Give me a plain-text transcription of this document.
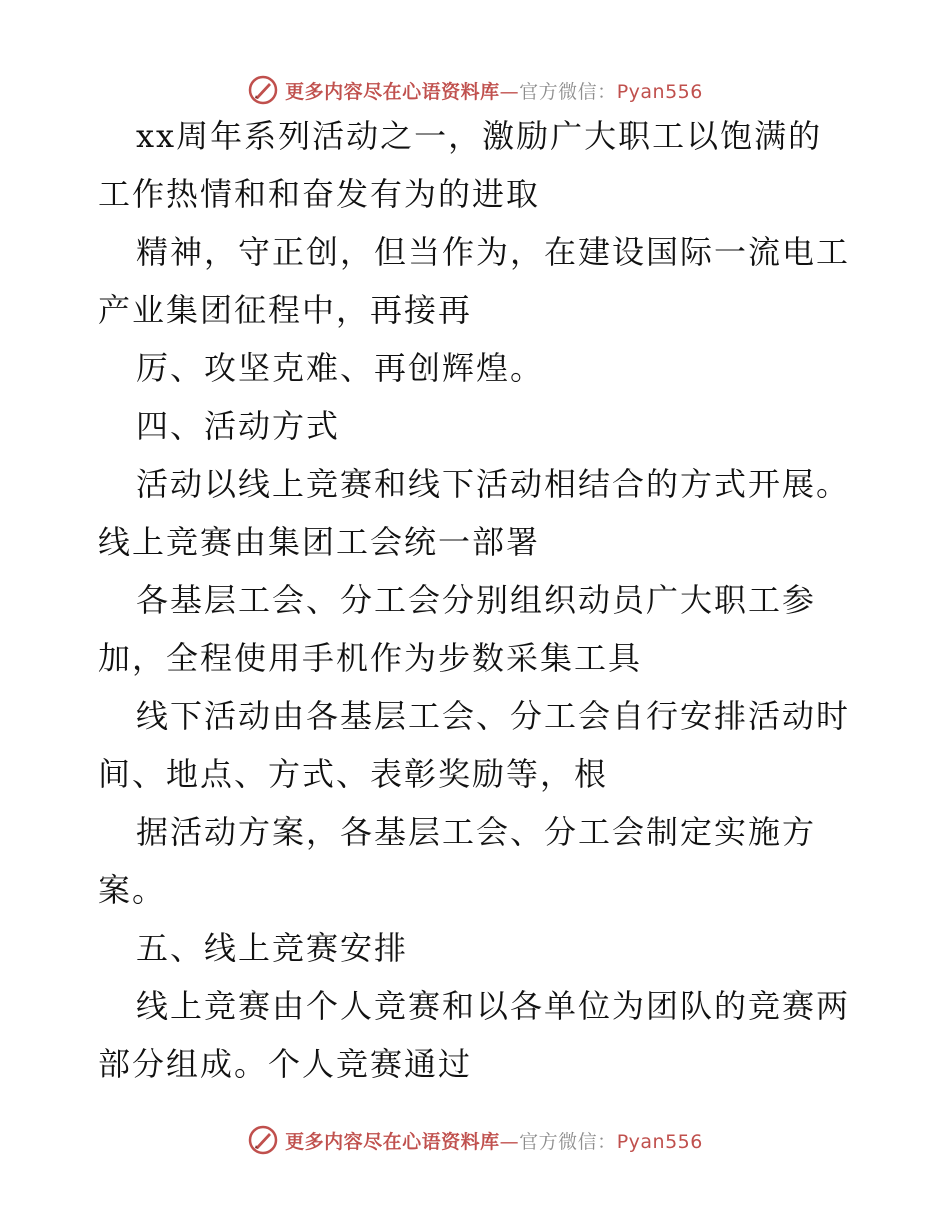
更多内容尽在心语资料库—官方微信：Pyan556
xx周年系列活动之一，激励广大职工以饱满的
工作热情和和奋发有为的进取
精神，守正创，但当作为，在建设国际一流电工
产业集团征程中，再接再
厉、攻坚克难、再创辉煌。
四、活动方式
活动以线上竞赛和线下活动相结合的方式开展。
线上竞赛由集团工会统一部署
各基层工会、分工会分别组织动员广大职工参
加，全程使用手机作为步数采集工具
线下活动由各基层工会、分工会自行安排活动时
间、地点、方式、表彰奖励等，根
据活动方案，各基层工会、分工会制定实施方
案。
五、线上竞赛安排
线上竞赛由个人竞赛和以各单位为团队的竞赛两
部分组成。个人竞赛通过
更多内容尽在心语资料库—官方微信：Pyan556
